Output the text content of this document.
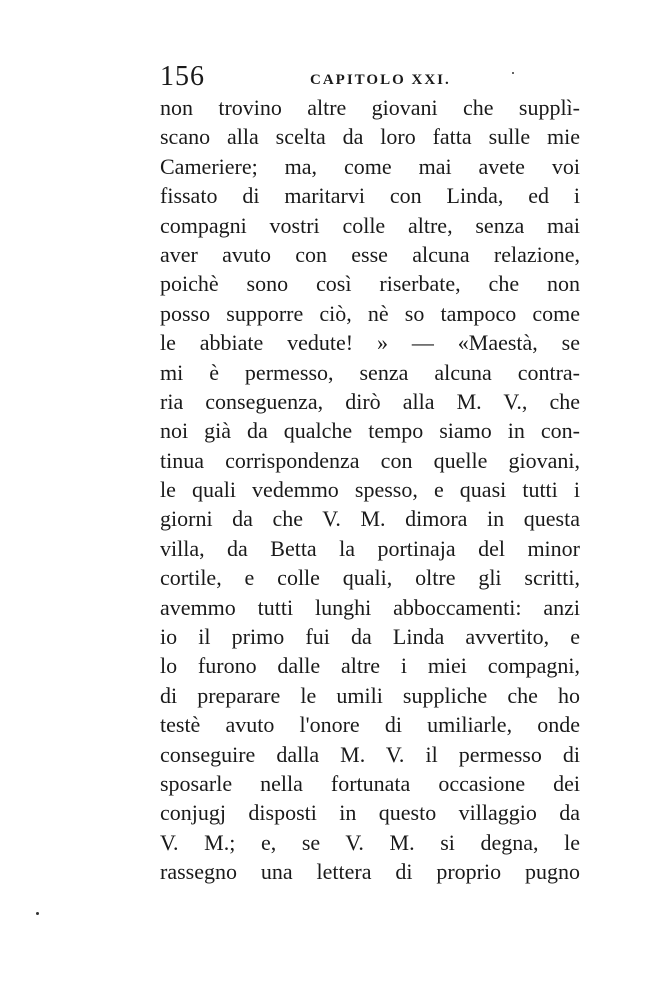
156	CAPITOLO XXI.
non trovino altre giovani che supplì-
scano alla scelta da loro fatta sulle mie
Cameriere; ma, come mai avete voi
fissato di maritarvi con Linda, ed i
compagni vostri colle altre, senza mai
aver avuto con esse alcuna relazione,
poichè sono così riserbate, che non
posso supporre ciò, nè so tampoco come
le abbiate vedute! » — «Maestà, se
mi è permesso, senza alcuna contra-
ria conseguenza, dirò alla M. V., che
noi già da qualche tempo siamo in con-
tinua corrispondenza con quelle giovani,
le quali vedemmo spesso, e quasi tutti i
giorni da che V. M. dimora in questa
villa, da Betta la portinaja del minor
cortile, e colle quali, oltre gli scritti,
avemmo tutti lunghi abboccamenti: anzi
io il primo fui da Linda avvertito, e
lo furono dalle altre i miei compagni,
di preparare le umili suppliche che ho
testè avuto l'onore di umiliarle, onde
conseguire dalla M. V. il permesso di
sposarle nella fortunata occasione dei
conjugj disposti in questo villaggio da
V. M.; e, se V. M. si degna, le
rassegno una lettera di proprio pugno
